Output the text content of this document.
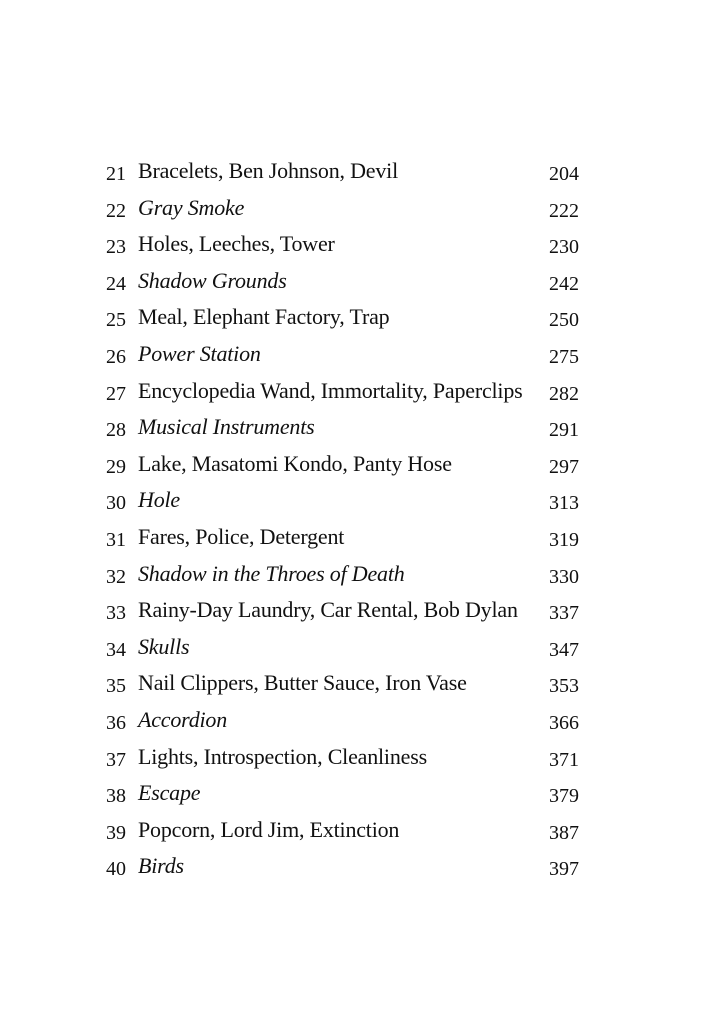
21 Bracelets, Ben Johnson, Devil	204
22 Gray Smoke	222
23 Holes, Leeches, Tower	230
24 Shadow Grounds	242
25 Meal, Elephant Factory, Trap	250
26 Power Station	275
27 Encyclopedia Wand, Immortality, Paperclips	282
28 Musical Instruments	291
29 Lake, Masatomi Kondo, Panty Hose	297
30 Hole	313
31 Fares, Police, Detergent	319
32 Shadow in the Throes of Death	330
33 Rainy-Day Laundry, Car Rental, Bob Dylan	337
34 Skulls	347
35 Nail Clippers, Butter Sauce, Iron Vase	353
36 Accordion	366
37 Lights, Introspection, Cleanliness	371
38 Escape	379
39 Popcorn, Lord Jim, Extinction	387
40 Birds	397
